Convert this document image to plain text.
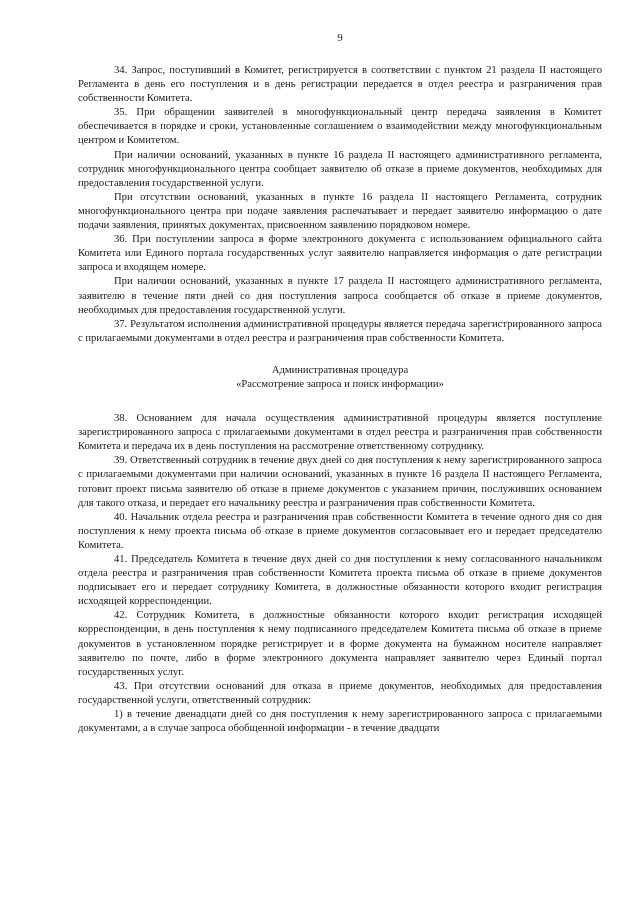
9

34. Запрос, поступивший в Комитет, регистрируется в соответствии с пунктом 21 раздела II настоящего Регламента в день его поступления и в день регистрации передается в отдел реестра и разграничения прав собственности Комитета.

35. При обращении заявителей в многофункциональный центр передача заявления в Комитет обеспечивается в порядке и сроки, установленные соглашением о взаимодействии между многофункциональным центром и Комитетом.

При наличии оснований, указанных в пункте 16 раздела II настоящего административного регламента, сотрудник многофункционального центра сообщает заявителю об отказе в приеме документов, необходимых для предоставления государственной услуги.

При отсутствии оснований, указанных в пункте 16 раздела II настоящего Регламента, сотрудник многофункционального центра при подаче заявления распечатывает и передает заявителю информацию о дате подачи заявления, принятых документах, присвоенном заявлению порядковом номере.

36. При поступлении запроса в форме электронного документа с использованием официального сайта Комитета или Единого портала государственных услуг заявителю направляется информация о дате регистрации запроса и входящем номере.

При наличии оснований, указанных в пункте 17 раздела II настоящего административного регламента, заявителю в течение пяти дней со дня поступления запроса сообщается об отказе в приеме документов, необходимых для предоставления государственной услуги.

37. Результатом исполнения административной процедуры является передача зарегистрированного запроса с прилагаемыми документами в отдел реестра и разграничения прав собственности Комитета.

Административная процедура
«Рассмотрение запроса и поиск информации»

38. Основанием для начала осуществления административной процедуры является поступление зарегистрированного запроса с прилагаемыми документами в отдел реестра и разграничения прав собственности Комитета и передача их в день поступления на рассмотрение ответственному сотруднику.

39. Ответственный сотрудник в течение двух дней со дня поступления к нему зарегистрированного запроса с прилагаемыми документами при наличии оснований, указанных в пункте 16 раздела II настоящего Регламента, готовит проект письма заявителю об отказе в приеме документов с указанием причин, послуживших основанием для такого отказа, и передает его начальнику реестра и разграничения прав собственности Комитета.

40. Начальник отдела реестра и разграничения прав собственности Комитета в течение одного дня со дня поступления к нему проекта письма об отказе в приеме документов согласовывает его и передает председателю Комитета.

41. Председатель Комитета в течение двух дней со дня поступления к нему согласованного начальником отдела реестра и разграничения прав собственности Комитета проекта письма об отказе в приеме документов подписывает его и передает сотруднику Комитета, в должностные обязанности которого входит регистрация исходящей корреспонденции.

42. Сотрудник Комитета, в должностные обязанности которого входит регистрация исходящей корреспонденции, в день поступления к нему подписанного председателем Комитета письма об отказе в приеме документов в установленном порядке регистрирует и в форме документа на бумажном носителе направляет заявителю по почте, либо в форме электронного документа направляет заявителю через Единый портал государственных услуг.

43. При отсутствии оснований для отказа в приеме документов, необходимых для предоставления государственной услуги, ответственный сотрудник:

1) в течение двенадцати дней со дня поступления к нему зарегистрированного запроса с прилагаемыми документами, а в случае запроса обобщенной информации - в течение двадцати
